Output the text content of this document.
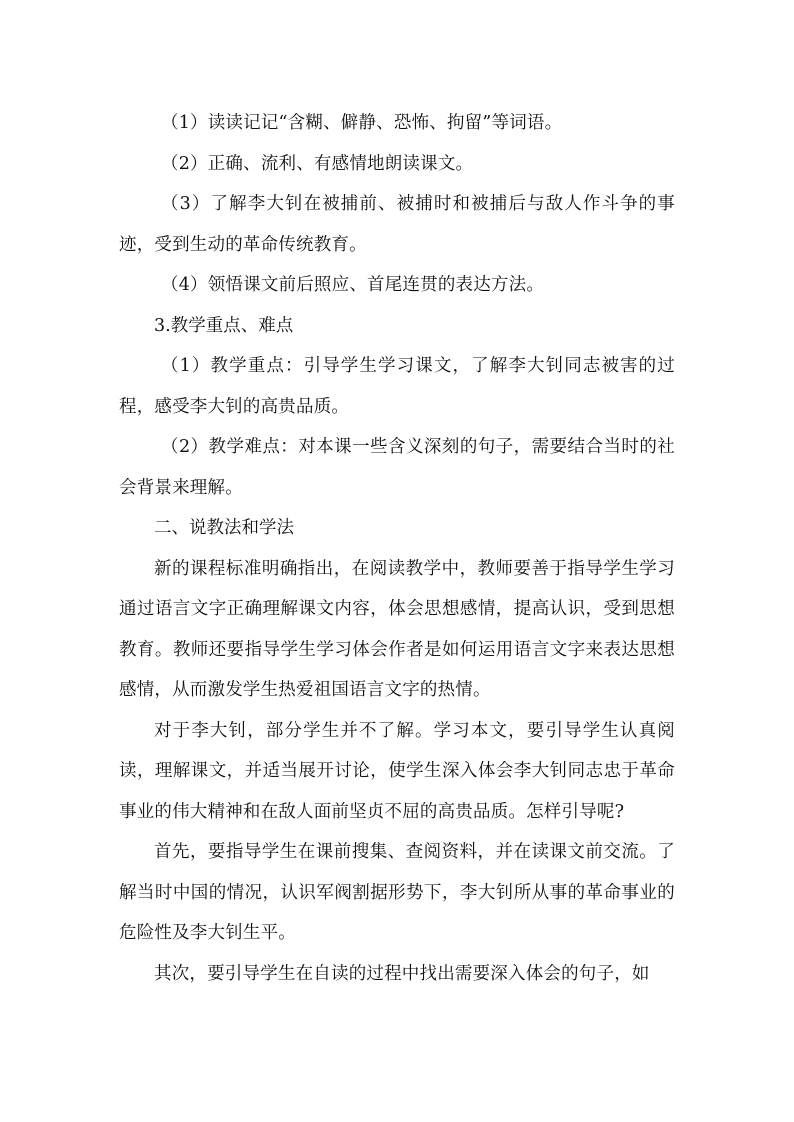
（1）读读记记“含糊、僻静、恐怖、拘留”等词语。

（2）正确、流利、有感情地朗读课文。

（3）了解李大钊在被捕前、被捕时和被捕后与敌人作斗争的事迹，受到生动的革命传统教育。

（4）领悟课文前后照应、首尾连贯的表达方法。

3.教学重点、难点

（1）教学重点：引导学生学习课文，了解李大钊同志被害的过程，感受李大钊的高贵品质。

（2）教学难点：对本课一些含义深刻的句子，需要结合当时的社会背景来理解。

二、说教法和学法

新的课程标准明确指出，在阅读教学中，教师要善于指导学生学习通过语言文字正确理解课文内容，体会思想感情，提高认识，受到思想教育。教师还要指导学生学习体会作者是如何运用语言文字来表达思想感情，从而激发学生热爱祖国语言文字的热情。

对于李大钊，部分学生并不了解。学习本文，要引导学生认真阅读，理解课文，并适当展开讨论，使学生深入体会李大钊同志忠于革命事业的伟大精神和在敌人面前坚贞不屈的高贵品质。怎样引导呢?

首先，要指导学生在课前搜集、查阅资料，并在读课文前交流。了解当时中国的情况，认识军阀割据形势下，李大钊所从事的革命事业的危险性及李大钊生平。

其次，要引导学生在自读的过程中找出需要深入体会的句子，如
